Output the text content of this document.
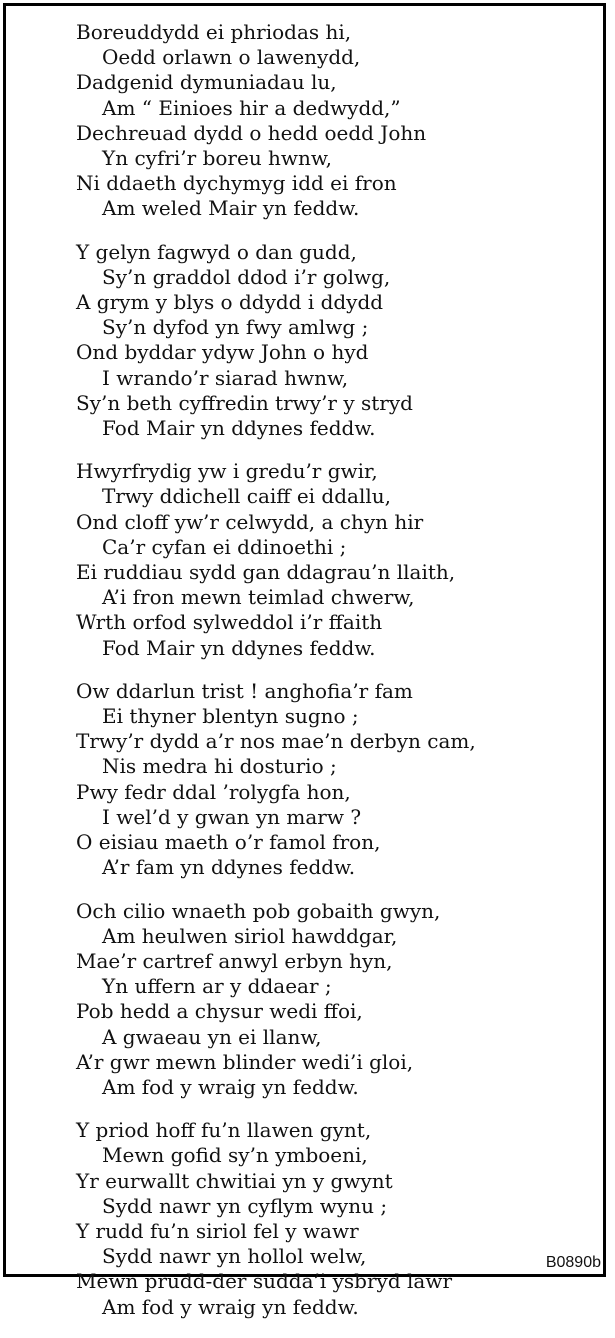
Boreuddydd ei phriodas hi,
Oedd orlawn o lawenydd,
Dadgenid dymuniadau lu,
Am “ Einioes hir a dedwydd,”
Dechreuad dydd o hedd oedd John
Yn cyfri’r boreu hwnw,
Ni ddaeth dychymyg idd ei fron
Am weled Mair yn feddw.
Y gelyn fagwyd o dan gudd,
Sy’n graddol ddod i’r golwg,
A grym y blys o ddydd i ddydd
Sy’n dyfod yn fwy amlwg ;
Ond byddar ydyw John o hyd
I wrando’r siarad hwnw,
Sy’n beth cyffredin trwy’r y stryd
Fod Mair yn ddynes feddw.
Hwyrfrydig yw i gredu’r gwir,
Trwy ddichell caiff ei ddallu,
Ond cloff yw’r celwydd, a chyn hir
Ca’r cyfan ei ddinoethi ;
Ei ruddiau sydd gan ddagrau’n llaith,
A’i fron mewn teimlad chwerw,
Wrth orfod sylweddol i’r ffaith
Fod Mair yn ddynes feddw.
Ow ddarlun trist ! anghofia’r fam
Ei thyner blentyn sugno ;
Trwy’r dydd a’r nos mae’n derbyn cam,
Nis medra hi dosturio ;
Pwy fedr ddal ’rolygfa hon,
I wel’d y gwan yn marw ?
O eisiau maeth o’r famol fron,
A’r fam yn ddynes feddw.
Och cilio wnaeth pob gobaith gwyn,
Am heulwen siriol hawddgar,
Mae’r cartref anwyl erbyn hyn,
Yn uffern ar y ddaear ;
Pob hedd a chysur wedi ffoi,
A gwaeau yn ei llanw,
A’r gwr mewn blinder wedi’i gloi,
Am fod y wraig yn feddw.
Y priod hoff fu’n llawen gynt,
Mewn gofid sy’n ymboeni,
Yr eurwallt chwitiai yn y gwynt
Sydd nawr yn cyflym wynu ;
Y rudd fu’n siriol fel y wawr
Sydd nawr yn hollol welw,
Mewn prudd-der sudda’i ysbryd lawr
Am fod y wraig yn feddw.
B0890b
